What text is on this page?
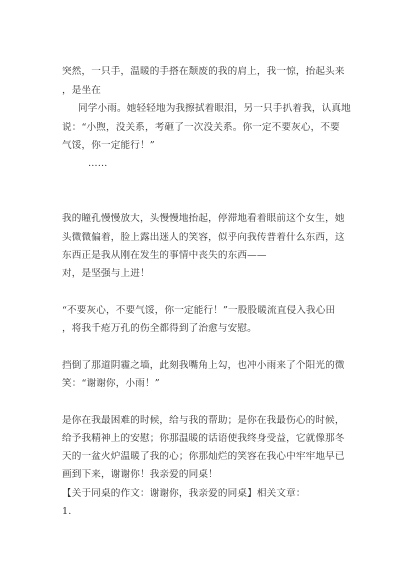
突然，一只手，温暖的手搭在颓废的我的肩上，我一惊，抬起头来
，是坐在
同学小雨。她轻轻地为我擦拭着眼泪，另一只手扒着我，认真地
说：“小煦，没关系，考砸了一次没关系。你一定不要灰心，不要
气馁，你一定能行！”
……
我的瞳孔慢慢放大，头慢慢地抬起，停滞地看着眼前这个女生，她
头微微偏着，脸上露出迷人的笑容，似乎向我传普着什么东西，这
东西正是我从刚在发生的事情中丧失的东西——
对，是坚强与上进！
“不要灰心，不要气馁，你一定能行！”一股股暖流直侵入我心田
，将我千疮万孔的伤全都得到了治愈与安慰。
挡倒了那道阴霾之墙，此刻我嘴角上勾，也冲小雨来了个阳光的微
笑：“谢谢你，小雨！”
是你在我最困难的时候，给与我的帮助；是你在我最伤心的时候，
给予我精神上的安慰；你那温暖的话语使我终身受益，它就像那冬
天的一盆火炉温暖了我的心；你那灿烂的笑容在我心中牢牢地早已
画到下来，谢谢你！我亲爱的同桌！
【关于同桌的作文：谢谢你，我亲爱的同桌】相关文章：
1.
